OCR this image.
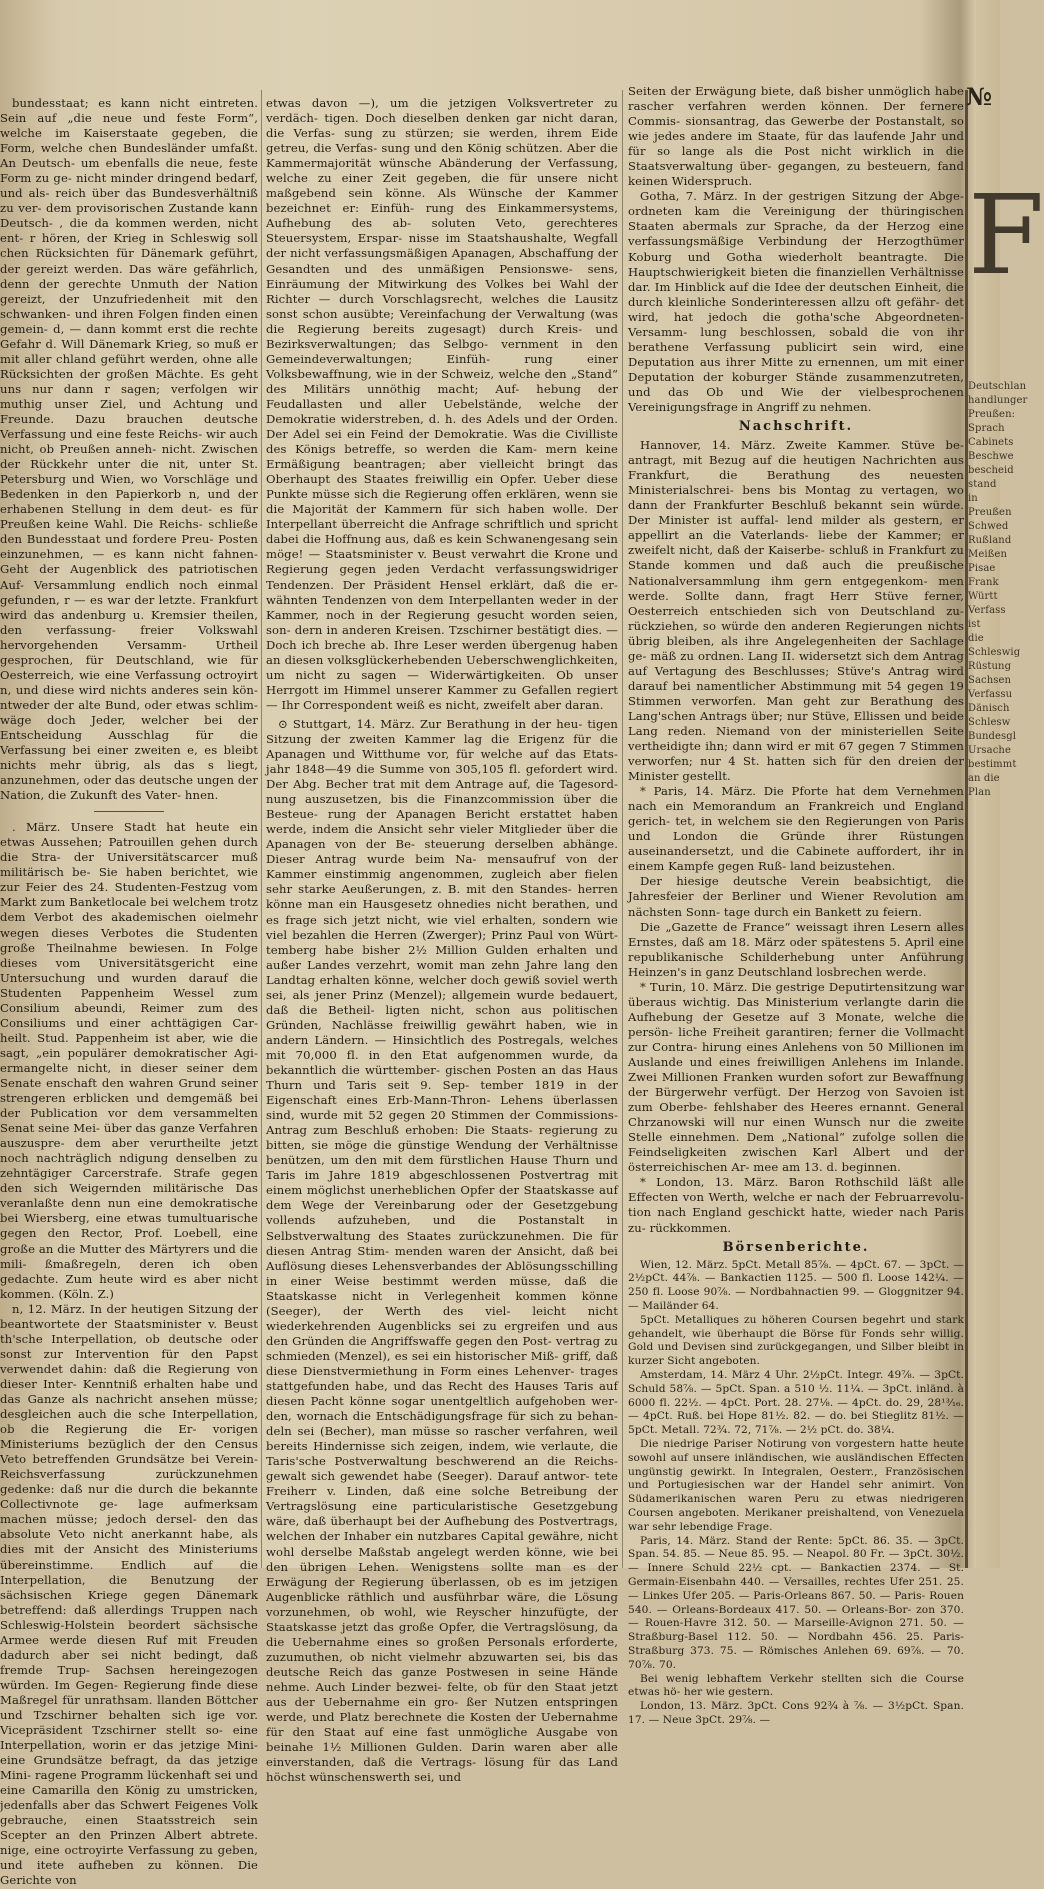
bundesstaat; es kann nicht eintreten. Sein auf „die neue und feste Form“, welche im Kaiserstaate gegeben, die Form, welche chen Bundesländer umfaßt. An Deutsch- um ebenfalls die neue, feste Form zu ge- nicht minder dringend bedarf, und als- reich über das Bundesverhältniß zu ver- dem provisorischen Zustande kann Deutsch- , die da kommen werden, nicht ent- r hören, der Krieg in Schleswig soll chen Rücksichten für Dänemark geführt, der gereizt werden. Das wäre gefährlich, denn der gerechte Unmuth der Nation gereizt, der Unzufriedenheit mit den schwanken- und ihren Folgen finden einen gemein- d, — dann kommt erst die rechte Gefahr d. Will Dänemark Krieg, so muß er mit aller chland geführt werden, ohne alle Rücksichten der großen Mächte. Es geht uns nur dann r sagen; verfolgen wir muthig unser Ziel, und Achtung und Freunde. Dazu brauchen deutsche Verfassung und eine feste Reichs- wir auch nicht, ob Preußen anneh- nicht. Zwischen der Rückkehr unter die nit, unter St. Petersburg und Wien, wo Vorschläge und Bedenken in den Papierkorb n, und der erhabenen Stellung in dem deut- es für Preußen keine Wahl. Die Reichs- schließe den Bundesstaat und fordere Preu- Posten einzunehmen, — es kann nicht fahnen- Geht der Augenblick des patriotischen Auf- Versammlung endlich noch einmal gefunden, r — es war der letzte. Frankfurt wird das andenburg u. Kremsier theilen, den verfassung- freier Volkswahl hervorgehenden Versamm- Urtheil gesprochen, für Deutschland, wie für Oesterreich, wie eine Verfassung octroyirt n, und diese wird nichts anderes sein kön- ntweder der alte Bund, oder etwas schlim- wäge doch Jeder, welcher bei der Entscheidung Ausschlag für die Verfassung bei einer zweiten e, es bleibt nichts mehr übrig, als das s liegt, anzunehmen, oder das deutsche ungen der Nation, die Zukunft des Vater- hnen.

. März. Unsere Stadt hat heute ein etwas Aussehen; Patrouillen gehen durch die Stra- der Universitätscarcer muß militärisch be- Sie haben berichtet, wie zur Feier des 24. Studenten-Festzug vom Markt zum Banketlocale bei welchem trotz dem Verbot des akademischen oielmehr wegen dieses Verbotes die Studenten große Theilnahme bewiesen. In Folge dieses vom Universitätsgericht eine Untersuchung und wurden darauf die Studenten Pappenheim Wessel zum Consilium abeundi, Reimer zum des Consiliums und einer achttägigen Car- heilt. Stud. Pappenheim ist aber, wie die sagt, „ein populärer demokratischer Agi- ermangelte nicht, in dieser seiner dem Senate enschaft den wahren Grund seiner strengeren erblicken und demgemäß bei der Publication vor dem versammelten Senat seine Mei- über das ganze Verfahren auszuspre- dem aber verurtheilte jetzt noch nachträglich ndigung denselben zu zehntägiger Carcerstrafe. Strafe gegen den sich Weigernden militärische Das veranlaßte denn nun eine demokratische bei Wiersberg, eine etwas tumultuarische gegen den Rector, Prof. Loebell, eine große an die Mutter des Märtyrers und die mili- ßmaßregeln, deren ich oben gedachte. Zum heute wird es aber nicht kommen. (Köln. Z.)

n, 12. März. In der heutigen Sitzung der beantwortete der Staatsminister v. Beust th'sche Interpellation, ob deutsche oder sonst zur Intervention für den Papst verwendet dahin: daß die Regierung von dieser Inter- Kenntniß erhalten habe und das Ganze als nachricht ansehen müsse; desgleichen auch die sche Interpellation, ob die Regierung die Er- vorigen Ministeriums bezüglich der den Census Veto betreffenden Grundsätze bei Verein- Reichsverfassung zurückzunehmen gedenke: daß nur die durch die bekannte Collectivnote ge- lage aufmerksam machen müsse; jedoch dersel- den das absolute Veto nicht anerkannt habe, als dies mit der Ansicht des Ministeriums übereinstimme. Endlich auf die Interpellation, die Benutzung der sächsischen Kriege gegen Dänemark betreffend: daß allerdings Truppen nach Schleswig-Holstein beordert sächsische Armee werde diesen Ruf mit Freuden dadurch aber sei nicht bedingt, daß fremde Trup- Sachsen hereingezogen würden. Im Gegen- Regierung finde diese Maßregel für unrathsam. llanden Böttcher und Tzschirner behalten sich ige vor. Vicepräsident Tzschirner stellt so- eine Interpellation, worin er das jetzige Mini- eine Grundsätze befragt, da das jetzige Mini- ragene Programm lückenhaft sei und eine Camarilla den König zu umstricken, jedenfalls aber das Schwert Feigenes Volk gebrauche, einen Staatsstreich sein Scepter an den Prinzen Albert abtrete. nige, eine octroyirte Verfassung zu geben, und itete aufheben zu können. Die Gerichte von

etwas davon —), um die jetzigen Volksvertreter zu verdäch- tigen. Doch dieselben denken gar nicht daran, die Verfas- sung zu stürzen; sie werden, ihrem Eide getreu, die Verfas- sung und den König schützen. Aber die Kammermajorität wünsche Abänderung der Verfassung, welche zu einer Zeit gegeben, die für unsere nicht maßgebend sein könne. Als Wünsche der Kammer bezeichnet er: Einfüh- rung des Einkammersystems, Aufhebung des ab- soluten Veto, gerechteres Steuersystem, Erspar- nisse im Staatshaushalte, Wegfall der nicht verfassungsmäßigen Apanagen, Abschaffung der Gesandten und des unmäßigen Pensionswe- sens, Einräumung der Mitwirkung des Volkes bei Wahl der Richter — durch Vorschlagsrecht, welches die Lausitz sonst schon ausübte; Vereinfachung der Verwaltung (was die Regierung bereits zugesagt) durch Kreis- und Bezirksverwaltungen; das Selbgo- vernment in den Gemeindeverwaltungen; Einfüh- rung einer Volksbewaffnung, wie in der Schweiz, welche den „Stand“ des Militärs unnöthig macht; Auf- hebung der Feudallasten und aller Uebelstände, welche der Demokratie widerstreben, d. h. des Adels und der Orden. Der Adel sei ein Feind der Demokratie. Was die Civilliste des Königs betreffe, so werden die Kam- mern keine Ermäßigung beantragen; aber vielleicht bringt das Oberhaupt des Staates freiwillig ein Opfer. Ueber diese Punkte müsse sich die Regierung offen erklären, wenn sie die Majorität der Kammern für sich haben wolle. Der Interpellant überreicht die Anfrage schriftlich und spricht dabei die Hoffnung aus, daß es kein Schwanengesang sein möge! — Staatsminister v. Beust verwahrt die Krone und Regierung gegen jeden Verdacht verfassungswidriger Tendenzen. Der Präsident Hensel erklärt, daß die er- wähnten Tendenzen von dem Interpellanten weder in der Kammer, noch in der Regierung gesucht worden seien, son- dern in anderen Kreisen. Tzschirner bestätigt dies. — Doch ich breche ab. Ihre Leser werden übergenug haben an diesen volksglückerhebenden Ueberschwenglichkeiten, um nicht zu sagen — Widerwärtigkeiten. Ob unser Herrgott im Himmel unserer Kammer zu Gefallen regiert — Ihr Correspondent weiß es nicht, zweifelt aber daran.

⊙ Stuttgart, 14. März. Zur Berathung in der heu- tigen Sitzung der zweiten Kammer lag die Erigenz für die Apanagen und Witthume vor, für welche auf das Etats- jahr 1848—49 die Summe von 305,105 fl. gefordert wird. Der Abg. Becher trat mit dem Antrage auf, die Tagesord- nung auszusetzen, bis die Finanzcommission über die Besteue- rung der Apanagen Bericht erstattet haben werde, indem die Ansicht sehr vieler Mitglieder über die Apanagen von der Be- steuerung derselben abhänge. Dieser Antrag wurde beim Na- mensaufruf von der Kammer einstimmig angenommen, zugleich aber fielen sehr starke Aeußerungen, z. B. mit den Standes- herren könne man ein Hausgesetz ohnedies nicht berathen, und es frage sich jetzt nicht, wie viel erhalten, sondern wie viel bezahlen die Herren (Zwerger); Prinz Paul von Würt- temberg habe bisher 2½ Million Gulden erhalten und außer Landes verzehrt, womit man zehn Jahre lang den Landtag erhalten könne, welcher doch gewiß soviel werth sei, als jener Prinz (Menzel); allgemein wurde bedauert, daß die Betheil- ligten nicht, schon aus politischen Gründen, Nachlässe freiwillig gewährt haben, wie in andern Ländern. — Hinsichtlich des Postregals, welches mit 70,000 fl. in den Etat aufgenommen wurde, da bekanntlich die württember- gischen Posten an das Haus Thurn und Taris seit 9. Sep- tember 1819 in der Eigenschaft eines Erb-Mann-Thron- Lehens überlassen sind, wurde mit 52 gegen 20 Stimmen der Commissions-Antrag zum Beschluß erhoben: Die Staats- regierung zu bitten, sie möge die günstige Wendung der Verhältnisse benützen, um den mit dem fürstlichen Hause Thurn und Taris im Jahre 1819 abgeschlossenen Postvertrag mit einem möglichst unerheblichen Opfer der Staatskasse auf dem Wege der Vereinbarung oder der Gesetzgebung vollends aufzuheben, und die Postanstalt in Selbstverwaltung des Staates zurückzunehmen. Die für diesen Antrag Stim- menden waren der Ansicht, daß bei Auflösung dieses Lehensverbandes der Ablösungsschilling in einer Weise bestimmt werden müsse, daß die Staatskasse nicht in Verlegenheit kommen könne (Seeger), der Werth des viel- leicht nicht wiederkehrenden Augenblicks sei zu ergreifen und aus den Gründen die Angriffswaffe gegen den Post- vertrag zu schmieden (Menzel), es sei ein historischer Miß- griff, daß diese Dienstvermiethung in Form eines Lehenver- trages stattgefunden habe, und das Recht des Hauses Taris auf diesen Pacht könne sogar unentgeltlich aufgehoben wer- den, wornach die Entschädigungsfrage für sich zu behan- deln sei (Becher), man müsse so rascher verfahren, weil bereits Hindernisse sich zeigen, indem, wie verlaute, die Taris'sche Postverwaltung beschwerend an die Reichs- gewalt sich gewendet habe (Seeger). Darauf antwor- tete Freiherr v. Linden, daß eine solche Betreibung der Vertragslösung eine particularistische Gesetzgebung wäre, daß überhaupt bei der Aufhebung des Postvertrags, welchen der Inhaber ein nutzbares Capital gewähre, nicht wohl derselbe Maßstab angelegt werden könne, wie bei den übrigen Lehen. Wenigstens sollte man es der Erwägung der Regierung überlassen, ob es im jetzigen Augenblicke räthlich und ausführbar wäre, die Lösung vorzunehmen, ob wohl, wie Reyscher hinzufügte, der Staatskasse jetzt das große Opfer, die Vertragslösung, da die Uebernahme eines so großen Personals erforderte, zuzumuthen, ob nicht vielmehr abzuwarten sei, bis das deutsche Reich das ganze Postwesen in seine Hände nehme. Auch Linder bezwei- felte, ob für den Staat jetzt aus der Uebernahme ein gro- ßer Nutzen entspringen werde, und Platz berechnete die Kosten der Uebernahme für den Staat auf eine fast unmögliche Ausgabe von beinahe 1½ Millionen Gulden. Darin waren aber alle einverstanden, daß die Vertrags- lösung für das Land höchst wünschenswerth sei, und

Seiten der Erwägung biete, daß bisher unmöglich habe rascher verfahren werden können. Der fernere Commis- sionsantrag, das Gewerbe der Postanstalt, so wie jedes andere im Staate, für das laufende Jahr und für so lange als die Post nicht wirklich in die Staatsverwaltung über- gegangen, zu besteuern, fand keinen Widerspruch.

Gotha, 7. März. In der gestrigen Sitzung der Abge- ordneten kam die Vereinigung der thüringischen Staaten abermals zur Sprache, da der Herzog eine verfassungsmäßige Verbindung der Herzogthümer Koburg und Gotha wiederholt beantragte. Die Hauptschwierigkeit bieten die finanziellen Verhältnisse dar. Im Hinblick auf die Idee der deutschen Einheit, die durch kleinliche Sonderinteressen allzu oft gefähr- det wird, hat jedoch die gotha'sche Abgeordneten-Versamm- lung beschlossen, sobald die von ihr berathene Verfassung publicirt sein wird, eine Deputation aus ihrer Mitte zu ernennen, um mit einer Deputation der koburger Stände zusammenzutreten, und das Ob und Wie der vielbesprochenen Vereinigungsfrage in Angriff zu nehmen.

Nachschrift.

Hannover, 14. März. Zweite Kammer. Stüve be- antragt, mit Bezug auf die heutigen Nachrichten aus Frankfurt, die Berathung des neuesten Ministerialschrei- bens bis Montag zu vertagen, wo dann der Frankfurter Beschluß bekannt sein würde. Der Minister ist auffal- lend milder als gestern, er appellirt an die Vaterlands- liebe der Kammer; er zweifelt nicht, daß der Kaiserbe- schluß in Frankfurt zu Stande kommen und daß auch die preußische Nationalversammlung ihm gern entgegenkom- men werde. Sollte dann, fragt Herr Stüve ferner, Oesterreich entschieden sich von Deutschland zu- rückziehen, so würde den anderen Regierungen nichts übrig bleiben, als ihre Angelegenheiten der Sachlage ge- mäß zu ordnen. Lang II. widersetzt sich dem Antrag auf Vertagung des Beschlusses; Stüve's Antrag wird darauf bei namentlicher Abstimmung mit 54 gegen 19 Stimmen verworfen. Man geht zur Berathung des Lang'schen Antrags über; nur Stüve, Ellissen und beide Lang reden. Niemand von der ministeriellen Seite vertheidigte ihn; dann wird er mit 67 gegen 7 Stimmen verworfen; nur 4 St. hatten sich für den dreien der Minister gestellt.

* Paris, 14. März. Die Pforte hat dem Vernehmen nach ein Memorandum an Frankreich und England gerich- tet, in welchem sie den Regierungen von Paris und London die Gründe ihrer Rüstungen auseinandersetzt, und die Cabinete auffordert, ihr in einem Kampfe gegen Ruß- land beizustehen.

Der hiesige deutsche Verein beabsichtigt, die Jahresfeier der Berliner und Wiener Revolution am nächsten Sonn- tage durch ein Bankett zu feiern.

Die „Gazette de France“ weissagt ihren Lesern alles Ernstes, daß am 18. März oder spätestens 5. April eine republikanische Schilderhebung unter Anführung Heinzen's in ganz Deutschland losbrechen werde.

* Turin, 10. März. Die gestrige Deputirtensitzung war überaus wichtig. Das Ministerium verlangte darin die Aufhebung der Gesetze auf 3 Monate, welche die persön- liche Freiheit garantiren; ferner die Vollmacht zur Contra- hirung eines Anlehens von 50 Millionen im Auslande und eines freiwilligen Anlehens im Inlande. Zwei Millionen Franken wurden sofort zur Bewaffnung der Bürgerwehr verfügt. Der Herzog von Savoien ist zum Oberbe- fehlshaber des Heeres ernannt. General Chrzanowski will nur einen Wunsch nur die zweite Stelle einnehmen. Dem „National“ zufolge sollen die Feindseligkeiten zwischen Karl Albert und der österreichischen Ar- mee am 13. d. beginnen.

* London, 13. März. Baron Rothschild läßt alle Effecten von Werth, welche er nach der Februarrevolu- tion nach England geschickt hatte, wieder nach Paris zu- rückkommen.

Börsenberichte.

Wien, 12. März. 5pCt. Metall 85⅞. — 4pCt. 67. — 3pCt. — 2½pCt. 44⅞. — Bankactien 1125. — 500 fl. Loose 142¼. — 250 fl. Loose 90⅞. — Nordbahnactien 99. — Gloggnitzer 94. — Mailänder 64.

5pCt. Metalliques zu höheren Coursen begehrt und stark gehandelt, wie überhaupt die Börse für Fonds sehr willig. Gold und Devisen sind zurückgegangen, und Silber bleibt in kurzer Sicht angeboten.

Amsterdam, 14. März 4 Uhr. 2½pCt. Integr. 49⅞. — 3pCt. Schuld 58⅞. — 5pCt. Span. a 510 ½. 11¼. — 3pCt. inländ. à 6000 fl. 22½. — 4pCt. Port. 28. 27⅛. — 4pCt. do. 29, 28¹³⁄₁₆. — 4pCt. Ruß. bei Hope 81½. 82. — do. bei Stieglitz 81½. — 5pCt. Metall. 72¾. 72, 71⅞. — 2½ pCt. do. 38¼.

Die niedrige Pariser Notirung von vorgestern hatte heute sowohl auf unsere inländischen, wie ausländischen Effecten ungünstig gewirkt. In Integralen, Oesterr., Französischen und Portugiesischen war der Handel sehr animirt. Von Südamerikanischen waren Peru zu etwas niedrigeren Coursen angeboten. Merikaner preishaltend, von Venezuela war sehr lebendige Frage.

Paris, 14. März. Stand der Rente: 5pCt. 86. 35. — 3pCt. Span. 54. 85. — Neue 85. 95. — Neapol. 80 Fr. — 3pCt. 30½. — Innere Schuld 22½ cpt. — Bankactien 2374. — St. Germain-Eisenbahn 440. — Versailles, rechtes Ufer 251. 25. — Linkes Ufer 205. — Paris-Orleans 867. 50. — Paris- Rouen 540. — Orleans-Bordeaux 417. 50. — Orleans-Bor- zon 370. — Rouen-Havre 312. 50. — Marseille-Avignon 271. 50. — Straßburg-Basel 112. 50. — Nordbahn 456. 25. Paris-Straßburg 373. 75. — Römisches Anlehen 69. 69⅞. — 70. 70⅞. 70.

Bei wenig lebhaftem Verkehr stellten sich die Course etwas hö- her wie gestern.

London, 13. März. 3pCt. Cons 92¾ à ⅞. — 3½pCt. Span. 17. — Neue 3pCt. 29⅞. —

№
F
Deutschlan
handlunger
Preußen:
Sprach
Cabinets
Beschwe
bescheid
stand in
Preußen
Schwed
Rußland
Meißen
Pisae
Frank
Württ
Verfass
ist
die
Schleswig
Rüstung
Sachsen
Verfassu
Dänisch
Schlesw
Bundesgl
Ursache
bestimmt
an die
Plan
